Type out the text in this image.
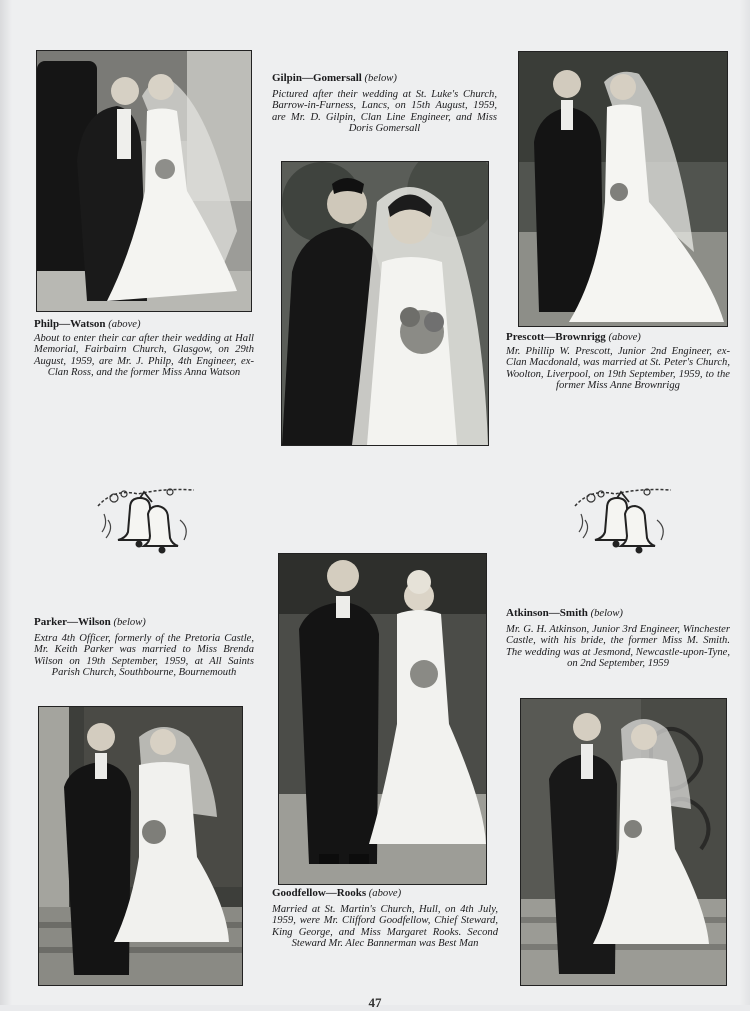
Philp—Watson (above)
About to enter their car after their wedding at Hall Memorial, Fairbairn Church, Glasgow, on 29th August, 1959, are Mr. J. Philp, 4th Engineer, ex-Clan Ross, and the former Miss Anna Watson
Gilpin—Gomersall (below)
Pictured after their wedding at St. Luke's Church, Barrow-in-Furness, Lancs, on 15th August, 1959, are Mr. D. Gilpin, Clan Line Engineer, and Miss Doris Gomersall
Prescott—Brownrigg (above)
Mr. Phillip W. Prescott, Junior 2nd Engineer, ex-Clan Macdonald, was married at St. Peter's Church, Woolton, Liverpool, on 19th September, 1959, to the former Miss Anne Brownrigg
Parker—Wilson (below)
Extra 4th Officer, formerly of the Pretoria Castle, Mr. Keith Parker was married to Miss Brenda Wilson on 19th September, 1959, at All Saints Parish Church, Southbourne, Bournemouth
Atkinson—Smith (below)
Mr. G. H. Atkinson, Junior 3rd Engineer, Winchester Castle, with his bride, the former Miss M. Smith. The wedding was at Jesmond, Newcastle-upon-Tyne, on 2nd September, 1959
Goodfellow—Rooks (above)
Married at St. Martin's Church, Hull, on 4th July, 1959, were Mr. Clifford Goodfellow, Chief Steward, King George, and Miss Margaret Rooks. Second Steward Mr. Alec Bannerman was Best Man
47
